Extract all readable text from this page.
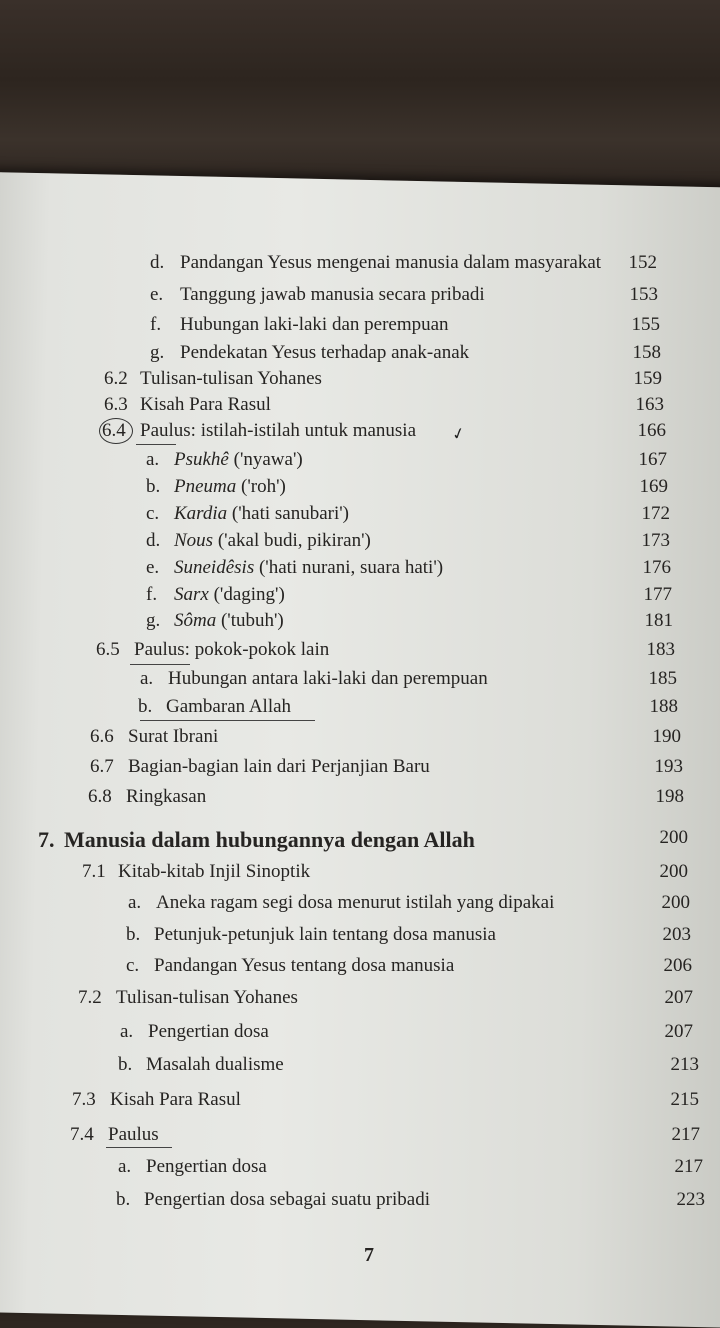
d. Pandangan Yesus mengenai manusia dalam masyarakat 152
e. Tanggung jawab manusia secara pribadi	153
f. Hubungan laki-laki dan perempuan	155
g. Pendekatan Yesus terhadap anak-anak	158
6.2 Tulisan-tulisan Yohanes	159
6.3 Kisah Para Rasul	163
6.4 Paulus: istilah-istilah untuk manusia	166
a. Psukhê ('nyawa')	167
b. Pneuma ('roh')	169
c. Kardia ('hati sanubari')	172
d. Nous ('akal budi, pikiran')	173
e. Suneidêsis ('hati nurani, suara hati')	176
f. Sarx ('daging')	177
g. Sôma ('tubuh')	181
6.5 Paulus: pokok-pokok lain	183
a. Hubungan antara laki-laki dan perempuan	185
b. Gambaran Allah	188
6.6 Surat Ibrani	190
6.7 Bagian-bagian lain dari Perjanjian Baru	193
6.8 Ringkasan	198
7. Manusia dalam hubungannya dengan Allah	200
7.1 Kitab-kitab Injil Sinoptik	200
a. Aneka ragam segi dosa menurut istilah yang dipakai	200
b. Petunjuk-petunjuk lain tentang dosa manusia	203
c. Pandangan Yesus tentang dosa manusia	206
7.2 Tulisan-tulisan Yohanes	207
a. Pengertian dosa	207
b. Masalah dualisme	213
7.3 Kisah Para Rasul	215
7.4 Paulus	217
a. Pengertian dosa	217
b. Pengertian dosa sebagai suatu pribadi	223
✓
7
